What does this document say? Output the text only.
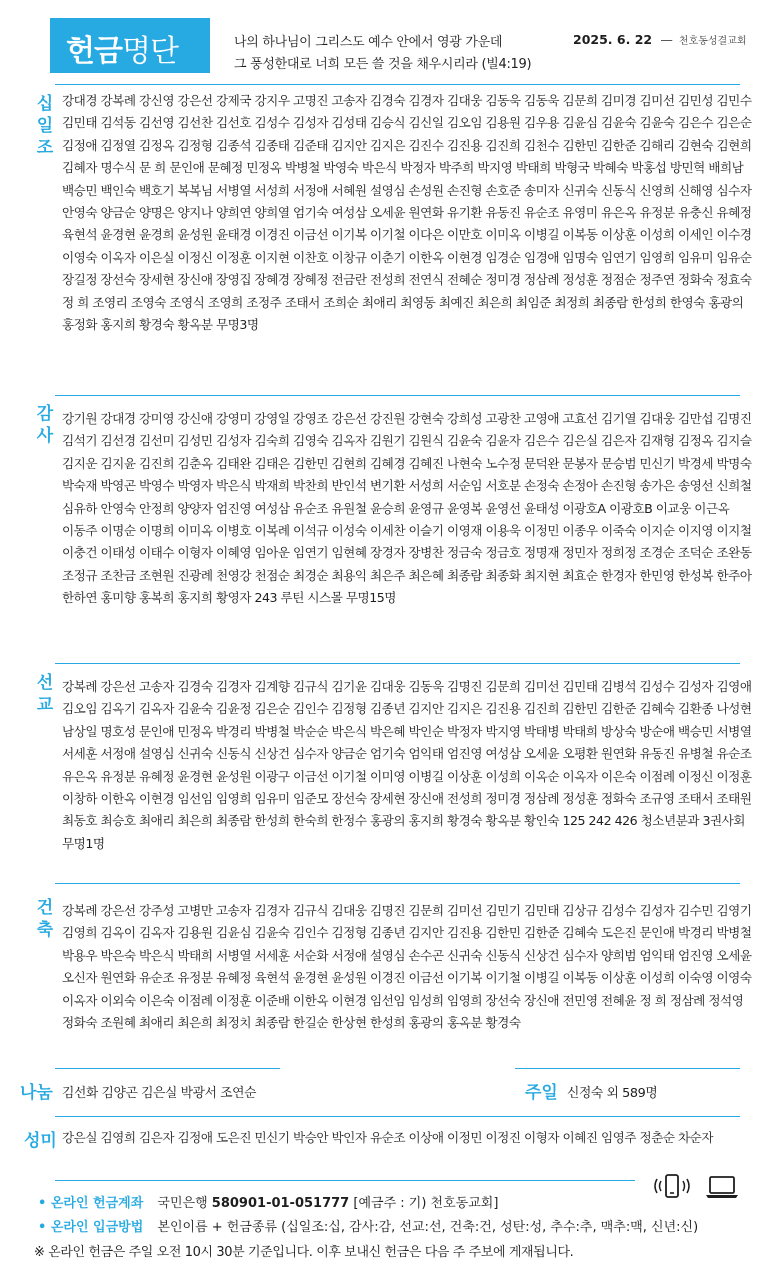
헌금명단	나의 하나님이 그리스도 예수 안에서 영광 가운데
그 풍성한대로 너희 모든 쓸 것을 채우시리라 (빌4:19)
2025. 6. 22  — 천호동성결교회
십
일
조
강대경 강복례 강신영 강은선 강제국 강지우 고명진 고송자 김경숙 김경자 김대웅 김동욱 김동욱 김문희 김미경 김미선 김민성 김민수 김민태 김석동 김선영 김선찬 김선호 김성수 김성자 김성태 김승식 김신일 김오임 김용원 김우용 김윤심 김윤숙 김윤숙 김은수 김은순 김정애 김정열 김정옥 김정형 김종석 김종태 김준태 김지안 김지은 김진수 김진용 김진희 김천수 김한민 김한준 김해리 김현숙 김현희 김혜자 명수식 문 희 문인애 문혜정 민정옥 박병철 박영숙 박은식 박정자 박주희 박지영 박태희 박형국 박혜숙 박홍섭 방민혁 배희남 백승민 백인숙 백호기 복복님 서병열 서성희 서정애 서혜원 설영심 손성원 손진형 손호준 송미자 신귀숙 신동식 신영희 신해영 심수자 안영숙 양금순 양명은 양지나 양희연 양희열 엄기숙 여성삼 오세윤 원연화 유기환 유동진 유순조 유영미 유은옥 유정분 유충신 유혜정 육현석 윤경현 윤경희 윤성원 윤태경 이경진 이금선 이기복 이기철 이다은 이만호 이미옥 이병길 이복동 이상훈 이성희 이세인 이수경 이영숙 이옥자 이은실 이정신 이정훈 이지현 이찬호 이창규 이춘기 이한옥 이현경 임경순 임경애 임명숙 임연기 임영희 임유미 임유순 장길정 장선숙 장세현 장신애 장영집 장혜경 장혜정 전금란 전성희 전연식 전혜순 정미경 정삼례 정성훈 정점순 정주연 정화숙 정효숙 정 희 조영리 조영숙 조영식 조영희 조정주 조태서 조희순 최애리 최영동 최예진 최은희 최임준 최정희 최종람 한성희 한영숙 홍광의 홍정화 홍지희 황경숙 황옥분 무명3명
감
사
강기원 강대경 강미영 강신애 강영미 강영일 강영조 강은선 강진원 강현숙 강희성 고광찬 고영애 고효선 김기열 김대웅 김만섭 김명진 김석기 김선경 김선미 김성민 김성자 김숙희 김영숙 김옥자 김원기 김원식 김윤숙 김윤자 김은수 김은실 김은자 김재형 김정옥 김지슬 김지운 김지윤 김진희 김춘옥 김태완 김태은 김한민 김현희 김혜경 김혜진 나현숙 노수정 문덕완 문봉자 문승범 민신기 박경세 박명숙 박숙재 박영곤 박영수 박영자 박은식 박재희 박찬희 반인석 변기환 서성희 서순임 서호분 손정숙 손정아 손진형 송가은 송영선 신희철 심유하 안영숙 안정희 양양자 엄진영 여성삼 유순조 유원철 윤승희 윤영규 윤영복 윤영선 윤태성 이광호A 이광호B 이교웅 이근옥 이동주 이명순 이명희 이미옥 이병호 이복례 이석규 이성숙 이세찬 이슬기 이영재 이용욱 이정민 이종우 이죽숙 이지순 이지영 이지철 이충건 이태성 이태수 이형자 이혜영 임아운 임연기 임현혜 장경자 장병찬 정금숙 정금호 정명재 정민자 정희정 조경순 조덕순 조완동 조정규 조찬금 조현원 진광례 천영강 천점순 최경순 최용익 최은주 최은혜 최종람 최종화 최지현 최효순 한경자 한민영 한성복 한주아 한하연 홍미향 홍복희 홍지희 황영자 243 루틴 시스몰 무명15명
선
교
강복례 강은선 고송자 김경숙 김경자 김계향 김규식 김기윤 김대웅 김동욱 김명진 김문희 김미선 김민태 김병석 김성수 김성자 김영애 김오임 김옥기 김옥자 김윤숙 김윤정 김은순 김인수 김정형 김종년 김지안 김지은 김진용 김진희 김한민 김한준 김혜숙 김환종 나성현 남상일 명호성 문인애 민정옥 박경리 박병철 박순순 박은식 박은혜 박인순 박정자 박지영 박태병 박태희 방상숙 방순애 백승민 서병열 서세훈 서정애 설영심 신귀숙 신동식 신상건 심수자 양금순 엄기숙 엄익태 엄진영 여성삼 오세윤 오평환 원연화 유동진 유병철 유순조 유은옥 유정분 유혜정 윤경현 윤성원 이광구 이금선 이기철 이미영 이병길 이상훈 이성희 이옥순 이옥자 이은숙 이점례 이정신 이정훈 이창하 이한옥 이현경 임선임 임영희 임유미 임준모 장선숙 장세현 장신애 전성희 정미경 정삼례 정성훈 정화숙 조규영 조태서 조태원 최동호 최승호 최애리 최은희 최종람 한성희 한숙희 한정수 홍광의 홍지희 황경숙 황옥분 황인숙 125 242 426 청소년분과 3권사회 무명1명
건
축
강복례 강은선 강주성 고병만 고송자 김경자 김규식 김대웅 김명진 김문희 김미선 김민기 김민태 김상규 김성수 김성자 김수민 김영기 김영희 김옥이 김옥자 김용원 김윤심 김윤숙 김인수 김정형 김종년 김지안 김진용 김한민 김한준 김혜숙 도은진 문인애 박경리 박병철 박용우 박은숙 박은식 박태희 서병열 서세훈 서순화 서정애 설영심 손수곤 신귀숙 신동식 신상건 심수자 양희범 엄익태 엄진영 오세윤 오신자 원연화 유순조 유정분 유혜정 육현석 윤경현 윤성원 이경진 이금선 이기복 이기철 이병길 이복동 이상훈 이성희 이숙영 이영숙 이옥자 이외숙 이은숙 이점례 이정훈 이준배 이한옥 이현경 임선임 임성희 임영희 장선숙 장신애 전민영 전혜윤 정 희 정삼례 정석영 정화숙 조원혜 최애리 최은희 최정치 최종람 한길순 한상현 한성희 홍광의 홍옥분 황경숙
나눔 김선화 김양곤 김은실 박광서 조연순	주일 신정숙 외 589명
성미 강은실 김영희 김은자 김정애 도은진 민신기 박승안 박인자 유순조 이상애 이정민 이정진 이형자 이혜진 임영주 정춘순 차순자
• 온라인 헌금계좌 국민은행 580901-01-051777 [예금주 : 기) 천호동교회]
• 온라인 입금방법 본인이름 + 헌금종류 (십일조:십, 감사:감, 선교:선, 건축:건, 성탄:성, 추수:추, 맥추:맥, 신년:신)
※ 온라인 헌금은 주일 오전 10시 30분 기준입니다. 이후 보내신 헌금은 다음 주 주보에 게재됩니다.
